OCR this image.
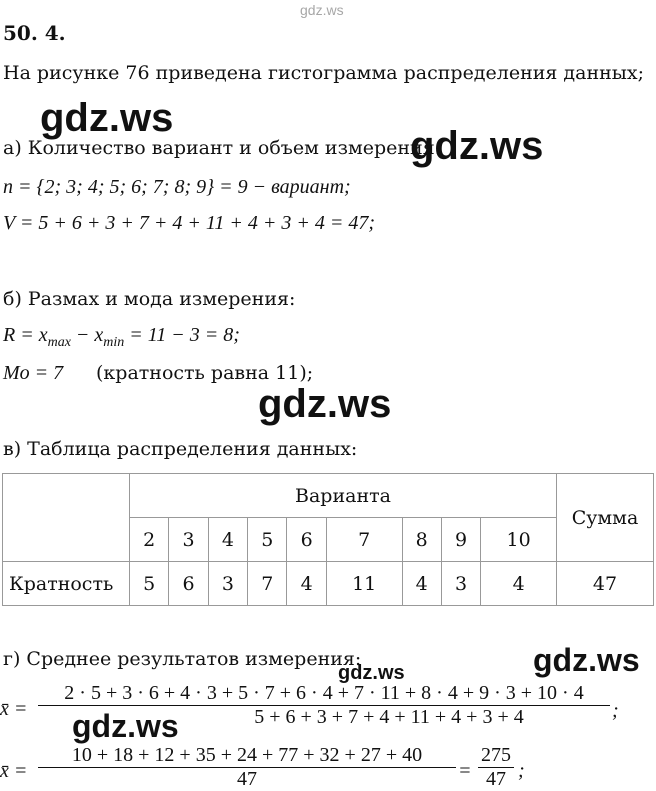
gdz.ws
gdz.ws
gdz.ws
gdz.ws
gdz.ws
gdz.ws
gdz.ws
50. 4.
На рисунке 76 приведена гистограмма распределения данных;
а) Количество вариант и объем измерения:
n = {2; 3; 4; 5; 6; 7; 8; 9} = 9 − вариант;
V = 5 + 6 + 3 + 7 + 4 + 11 + 4 + 3 + 4 = 47;
б) Размах и мода измерения:
$R = x_{max} - x_{min} = 11 - 3 = 8$;
Mo = 7 (кратность равна 11);
в) Таблица распределения данных:
	Варианта									Сумма
	2	3	4	5	6	7	8	9	10	
Кратность	5	6	3	7	4	11	4	3	4	47
г) Среднее результатов измерения:
x̄ =
2 · 5 + 3 · 6 + 4 · 3 + 5 · 7 + 6 · 4 + 7 · 11 + 8 · 4 + 9 · 3 + 10 · 4
5 + 6 + 3 + 7 + 4 + 11 + 4 + 3 + 4	;
x̄ =
10 + 18 + 12 + 35 + 24 + 77 + 32 + 27 + 40
47	=
275
47 ;
